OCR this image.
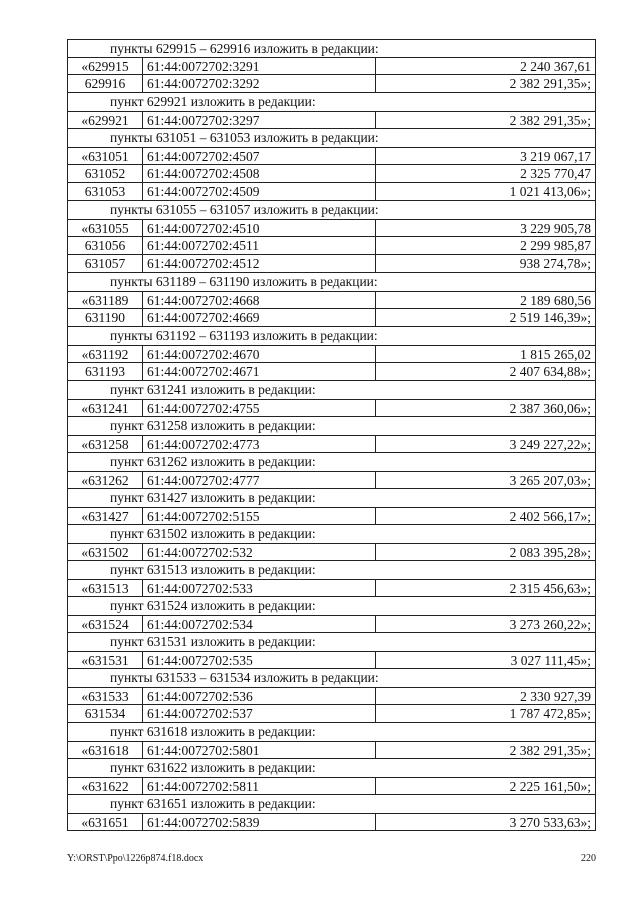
пункты 629915 – 629916 изложить в редакции:
«629915	61:44:0072702:3291	2 240 367,61
629916	61:44:0072702:3292	2 382 291,35»;
пункт 629921 изложить в редакции:
«629921	61:44:0072702:3297	2 382 291,35»;
пункты 631051 – 631053 изложить в редакции:
«631051	61:44:0072702:4507	3 219 067,17
631052	61:44:0072702:4508	2 325 770,47
631053	61:44:0072702:4509	1 021 413,06»;
пункты 631055 – 631057 изложить в редакции:
«631055	61:44:0072702:4510	3 229 905,78
631056	61:44:0072702:4511	2 299 985,87
631057	61:44:0072702:4512	938 274,78»;
пункты 631189 – 631190 изложить в редакции:
«631189	61:44:0072702:4668	2 189 680,56
631190	61:44:0072702:4669	2 519 146,39»;
пункты 631192 – 631193 изложить в редакции:
«631192	61:44:0072702:4670	1 815 265,02
631193	61:44:0072702:4671	2 407 634,88»;
пункт 631241 изложить в редакции:
«631241	61:44:0072702:4755	2 387 360,06»;
пункт 631258 изложить в редакции:
«631258	61:44:0072702:4773	3 249 227,22»;
пункт 631262 изложить в редакции:
«631262	61:44:0072702:4777	3 265 207,03»;
пункт 631427 изложить в редакции:
«631427	61:44:0072702:5155	2 402 566,17»;
пункт 631502 изложить в редакции:
«631502	61:44:0072702:532	2 083 395,28»;
пункт 631513 изложить в редакции:
«631513	61:44:0072702:533	2 315 456,63»;
пункт 631524 изложить в редакции:
«631524	61:44:0072702:534	3 273 260,22»;
пункт 631531 изложить в редакции:
«631531	61:44:0072702:535	3 027 111,45»;
пункты 631533 – 631534 изложить в редакции:
«631533	61:44:0072702:536	2 330 927,39
631534	61:44:0072702:537	1 787 472,85»;
пункт 631618 изложить в редакции:
«631618	61:44:0072702:5801	2 382 291,35»;
пункт 631622 изложить в редакции:
«631622	61:44:0072702:5811	2 225 161,50»;
пункт 631651 изложить в редакции:
«631651	61:44:0072702:5839	3 270 533,63»;
Y:\ORST\Ppo\1226p874.f18.docx	220
